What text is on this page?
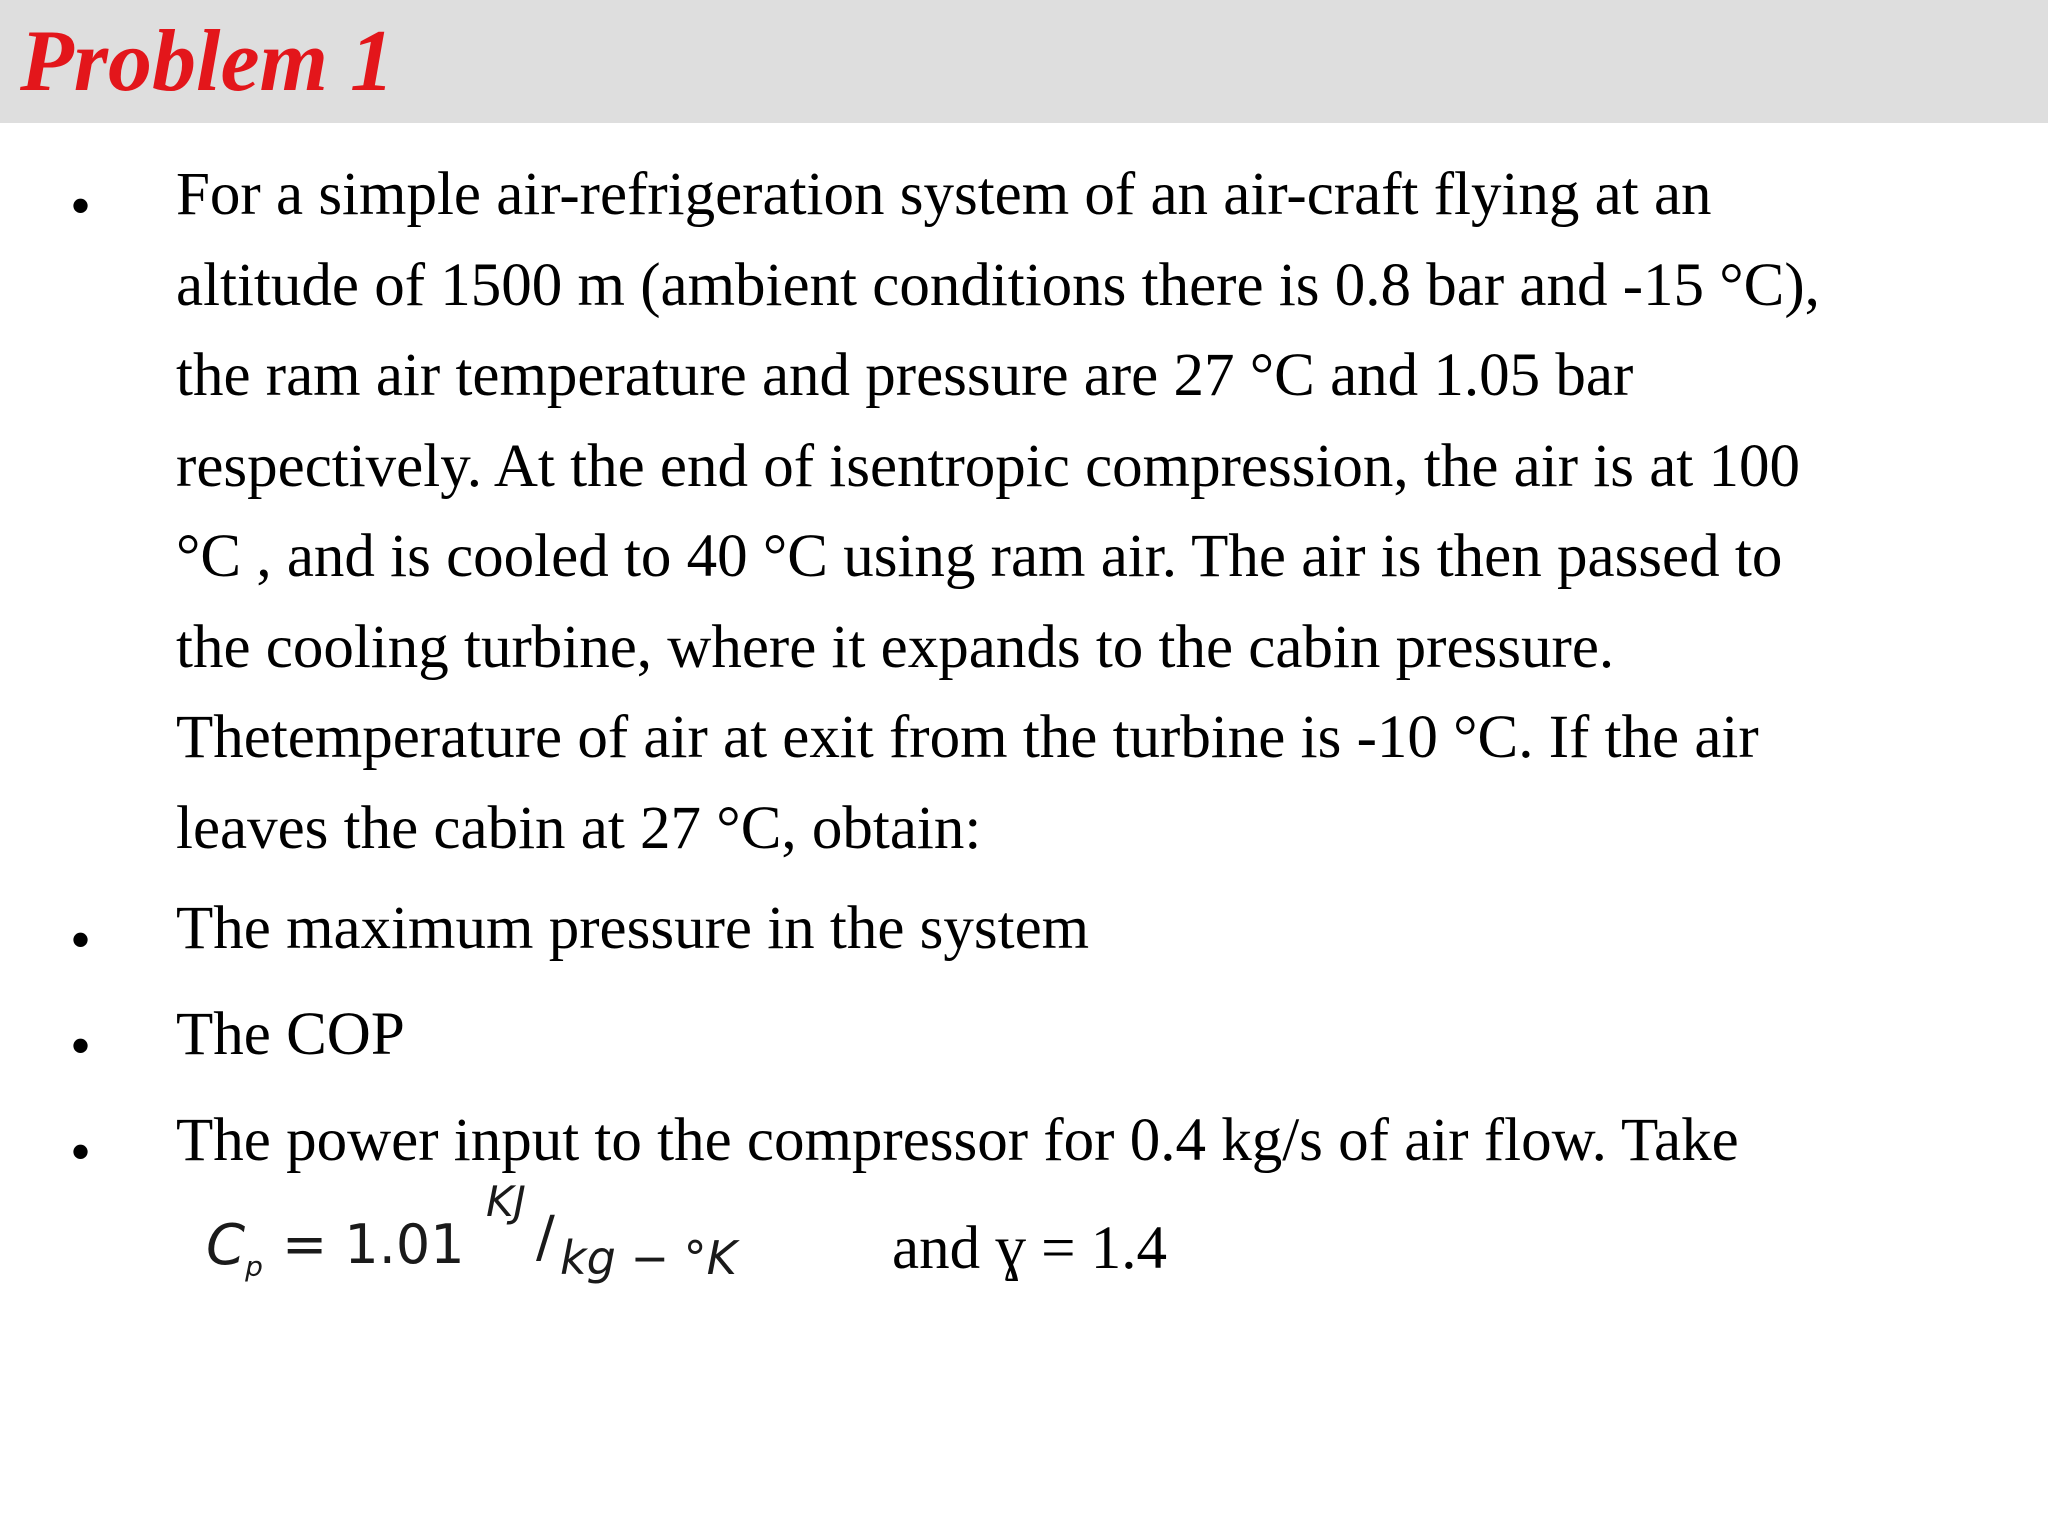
Problem 1
• For a simple air-refrigeration system of an air-craft flying at an
altitude of 1500 m (ambient conditions there is 0.8 bar and -15 °C),
the ram air temperature and pressure are 27 °C and 1.05 bar
respectively. At the end of isentropic compression, the air is at 100
°C , and is cooled to 40 °C using ram air. The air is then passed to
the cooling turbine, where it expands to the cabin pressure.
Thetemperature of air at exit from the turbine is -10 °C. If the air
leaves the cabin at 27 °C, obtain:
• The maximum pressure in the system
• The COP
• The power input to the compressor for 0.4 kg/s of air flow. Take
$C_p = 1.01$
KJ
/ kg − °K	and ɣ = 1.4
